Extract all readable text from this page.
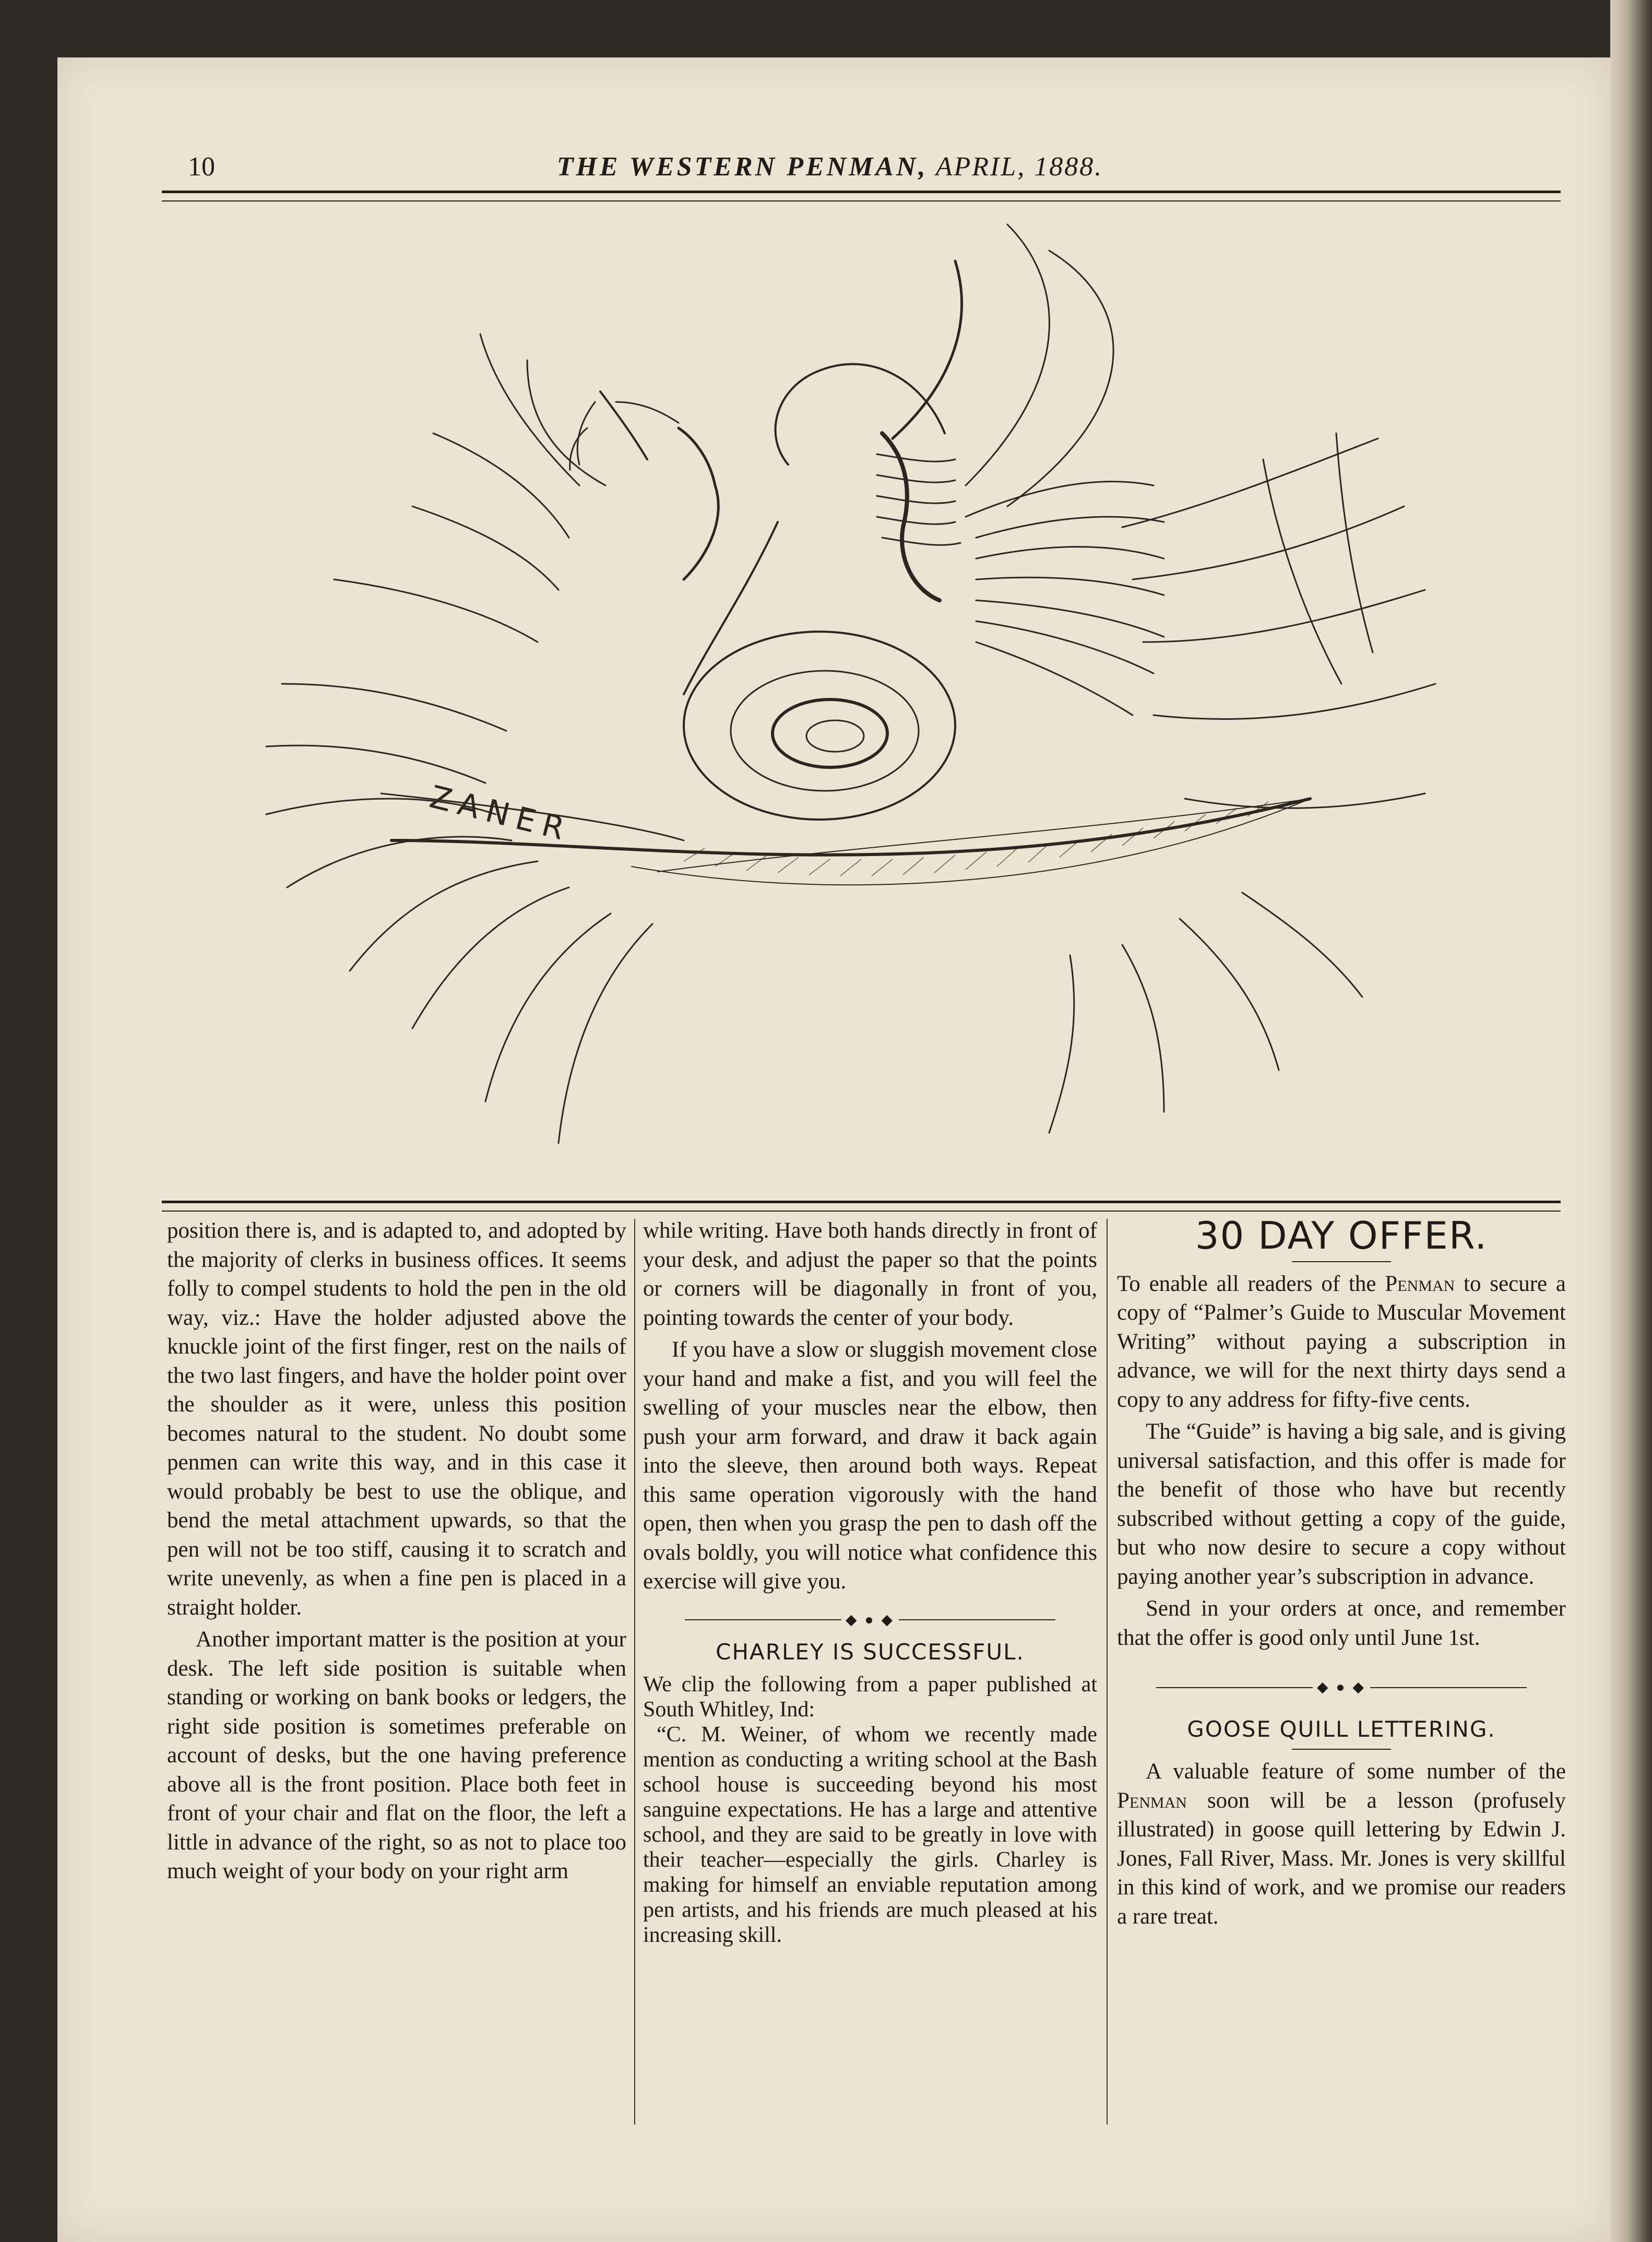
10	THE WESTERN PENMAN, APRIL, 1888.
ZANER

position there is, and is adapted to, and adopted by the majority of clerks in business offices. It seems folly to compel students to hold the pen in the old way, viz.: Have the holder adjusted above the knuckle joint of the first finger, rest on the nails of the two last fingers, and have the holder point over the shoulder as it were, unless this position becomes natural to the student. No doubt some penmen can write this way, and in this case it would probably be best to use the oblique, and bend the metal attachment upwards, so that the pen will not be too stiff, causing it to scratch and write unevenly, as when a fine pen is placed in a straight holder.

Another important matter is the position at your desk. The left side position is suitable when standing or working on bank books or ledgers, the right side position is sometimes preferable on account of desks, but the one having preference above all is the front position. Place both feet in front of your chair and flat on the floor, the left a little in advance of the right, so as not to place too much weight of your body on your right arm

while writing. Have both hands directly in front of your desk, and adjust the paper so that the points or corners will be diagonally in front of you, pointing towards the center of your body.

If you have a slow or sluggish movement close your hand and make a fist, and you will feel the swelling of your muscles near the elbow, then push your arm forward, and draw it back again into the sleeve, then around both ways. Repeat this same operation vigorously with the hand open, then when you grasp the pen to dash off the ovals boldly, you will notice what confidence this exercise will give you.

◆ ● ◆
CHARLEY IS SUCCESSFUL.

We clip the following from a paper published at South Whitley, Ind:

“C. M. Weiner, of whom we recently made mention as conducting a writing school at the Bash school house is succeeding beyond his most sanguine expectations. He has a large and attentive school, and they are said to be greatly in love with their teacher—especially the girls. Charley is making for himself an enviable reputation among pen artists, and his friends are much pleased at his increasing skill.

30 DAY OFFER.

To enable all readers of the Penman to secure a copy of “Palmer’s Guide to Muscular Movement Writing” without paying a subscription in advance, we will for the next thirty days send a copy to any address for fifty-five cents.

The “Guide” is having a big sale, and is giving universal satisfaction, and this offer is made for the benefit of those who have but recently subscribed without getting a copy of the guide, but who now desire to secure a copy without paying another year’s subscription in advance.

Send in your orders at once, and remember that the offer is good only until June 1st.

◆ ● ◆
GOOSE QUILL LETTERING.

A valuable feature of some number of the Penman soon will be a lesson (profusely illustrated) in goose quill lettering by Edwin J. Jones, Fall River, Mass. Mr. Jones is very skillful in this kind of work, and we promise our readers a rare treat.
